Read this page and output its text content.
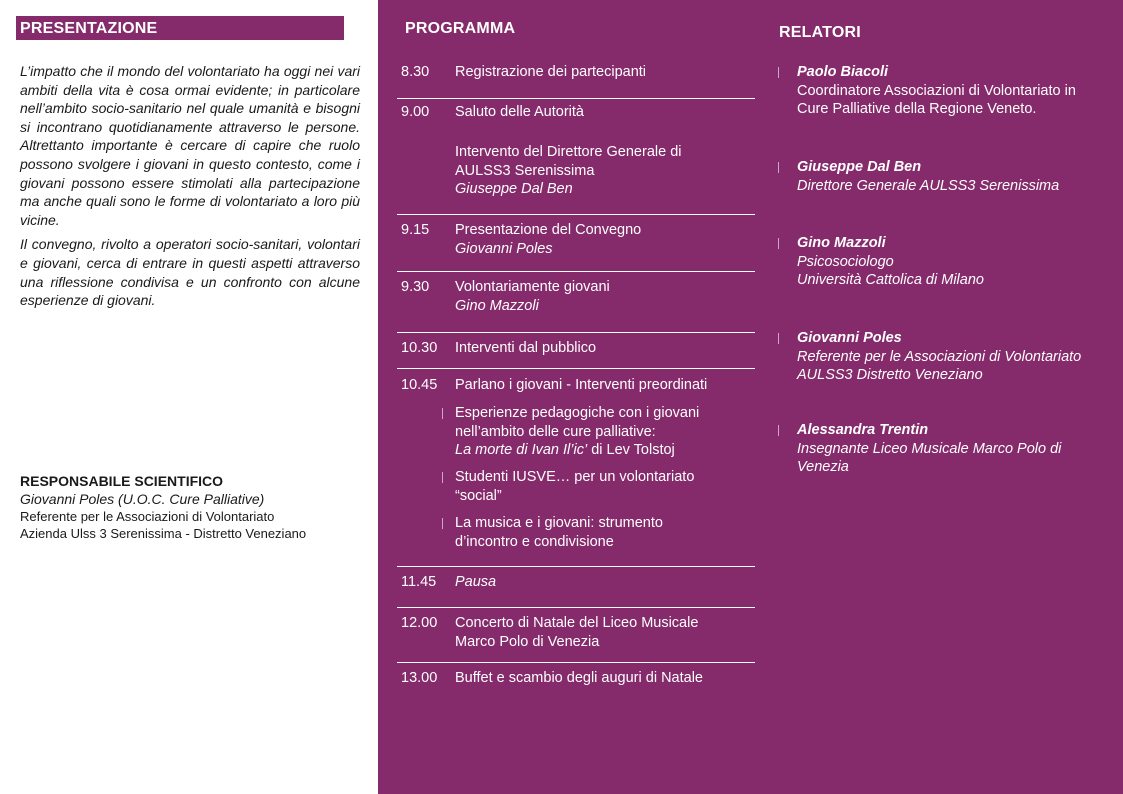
PRESENTAZIONE

L’impatto che il mondo del volontariato ha oggi nei vari ambiti della vita è cosa ormai evidente; in particolare nell’ambito socio-sanitario nel quale umanità e bisogni si incontrano quotidianamente attraverso le persone. Altrettanto importante è cercare di capire che ruolo possono svolgere i giovani in questo contesto, come i giovani possono essere stimolati alla partecipazione ma anche quali sono le forme di volontariato a loro più vicine.

Il convegno, rivolto a operatori socio-sanitari, volontari e giovani, cerca di entrare in questi aspetti attraverso una riflessione condivisa e un confronto con alcune esperienze di giovani.

RESPONSABILE SCIENTIFICO
Giovanni Poles (U.O.C. Cure Palliative)
Referente per le Associazioni di Volontariato
Azienda Ulss 3 Serenissima - Distretto Veneziano
PROGRAMMA
8.30 Registrazione dei partecipanti
9.00 Saluto delle Autorità
Intervento del Direttore Generale di AULSS3 Serenissima
Giuseppe Dal Ben
9.15 Presentazione del Convegno
Giovanni Poles
9.30 Volontariamente giovani
Gino Mazzoli
10.30 Interventi dal pubblico
10.45 Parlano i giovani - Interventi preordinati
Esperienze pedagogiche con i giovani nell’ambito delle cure palliative:
La morte di Ivan Il’ic’ di Lev Tolstoj
Studenti IUSVE… per un volontariato “social”
La musica e i giovani: strumento d’incontro e condivisione
11.45 Pausa
12.00 Concerto di Natale del Liceo Musicale Marco Polo di Venezia
13.00 Buffet e scambio degli auguri di Natale
RELATORI
Paolo Biacoli
Coordinatore Associazioni di Volontariato in Cure Palliative della Regione Veneto.
Giuseppe Dal Ben
Direttore Generale AULSS3 Serenissima
Gino Mazzoli
Psicosociologo
Università Cattolica di Milano
Giovanni Poles
Referente per le Associazioni di Volontariato AULSS3 Distretto Veneziano
Alessandra Trentin
Insegnante Liceo Musicale Marco Polo di Venezia
